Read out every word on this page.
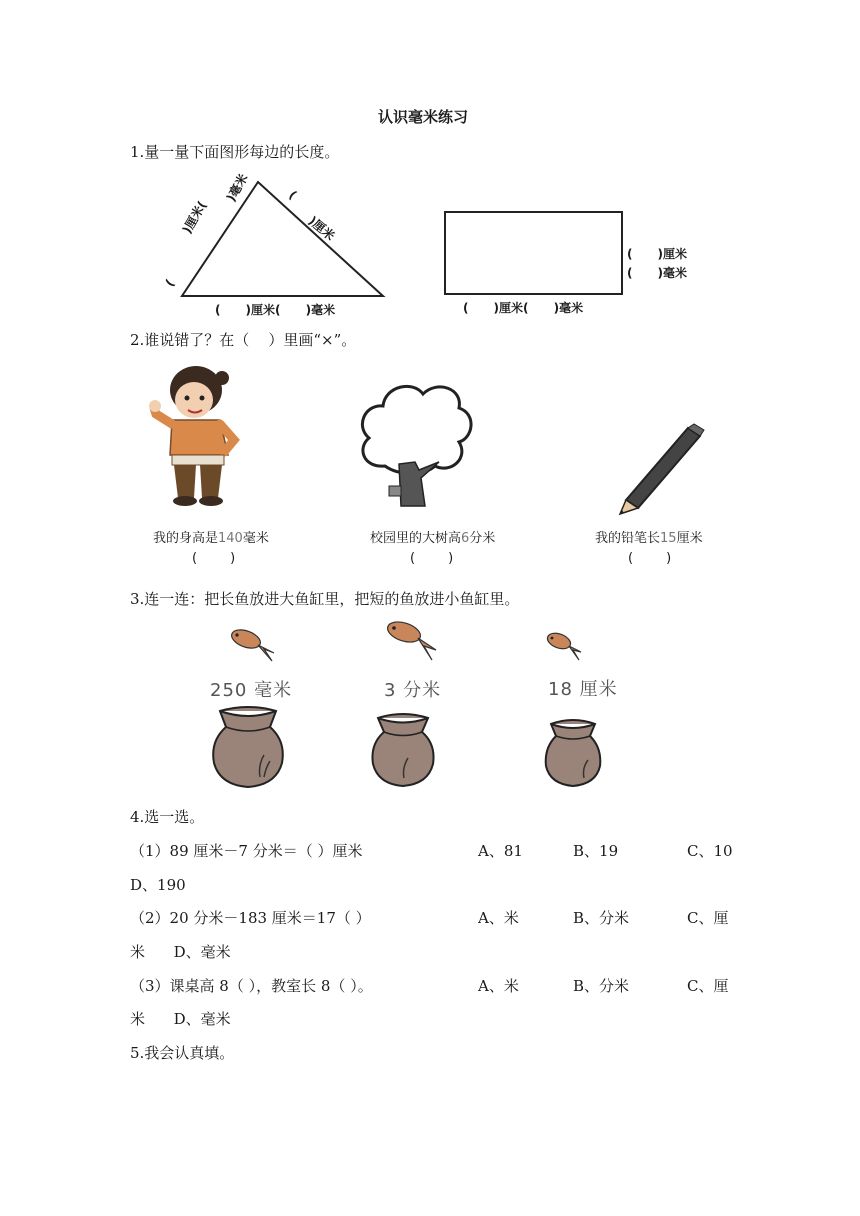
认识毫米练习
1.量一量下面图形每边的长度。
(
)厘米(
)毫米	(
)厘米
(      )厘米(      )毫米
(      )厘米
(      )毫米
(      )厘米(      )毫米
2.谁说错了？在（    ）里画“×”。
我的身高是140毫米
(        )
校园里的大树高6分米
(        )
我的铅笔长15厘米
(        )
3.连一连：把长鱼放进大鱼缸里，把短的鱼放进小鱼缸里。
250 毫米	3 分米	18 厘米
4.选一选。
（1）89 厘米－7 分米＝（ ）厘米	A、81	B、19	C、10
D、190
（2）20 分米－183 厘米＝17（ ）	A、米	B、分米	C、厘
米      D、毫米
（3）课桌高 8（ ），教室长 8（ ）。	A、米	B、分米	C、厘
米      D、毫米
5.我会认真填。
